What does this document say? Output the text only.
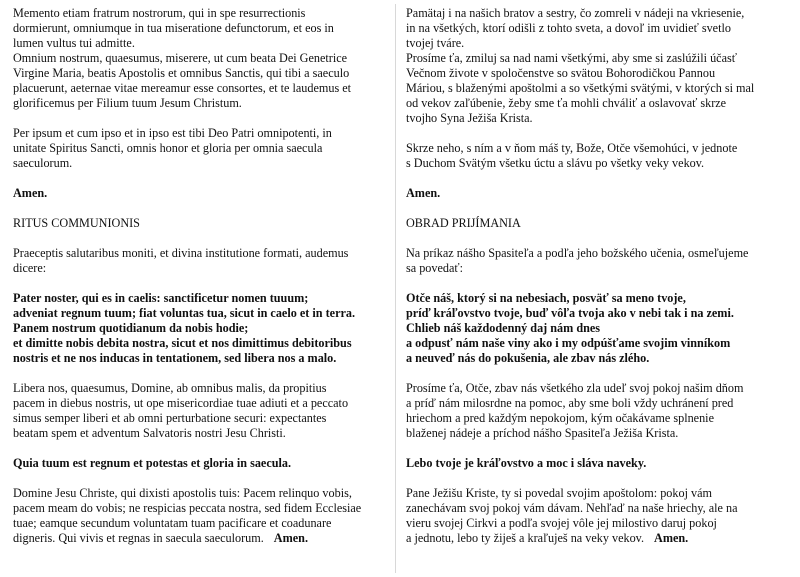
Memento etiam fratrum nostrorum, qui in spe resurrectionis
dormierunt, omniumque in tua miseratione defunctorum, et eos in
lumen vultus tui admitte.
Omnium nostrum, quaesumus, miserere, ut cum beata Dei Genetrice
Virgine Maria, beatis Apostolis et omnibus Sanctis, qui tibi a saeculo
placuerunt, aeternae vitae mereamur esse consortes, et te laudemus et
glorificemus per Filium tuum Jesum Christum.
Per ipsum et cum ipso et in ipso est tibi Deo Patri omnipotenti, in
unitate Spiritus Sancti, omnis honor et gloria per omnia saecula
saeculorum.
Amen.
RITUS COMMUNIONIS
Praeceptis salutaribus moniti, et divina institutione formati, audemus
dicere:
Pater noster, qui es in caelis: sanctificetur nomen tuuum;
adveniat regnum tuum; fiat voluntas tua, sicut in caelo et in terra.
Panem nostrum quotidianum da nobis hodie;
et dimitte nobis debita nostra, sicut et nos dimittimus debitoribus
nostris et ne nos inducas in tentationem, sed libera nos a malo.
Libera nos, quaesumus, Domine, ab omnibus malis, da propitius
pacem in diebus nostris, ut ope misericordiae tuae adiuti et a peccato
simus semper liberi et ab omni perturbatione securi: expectantes
beatam spem et adventum Salvatoris nostri Jesu Christi.
Quia tuum est regnum et potestas et gloria in saecula.
Domine Jesu Christe, qui dixisti apostolis tuis: Pacem relinquo vobis,
pacem meam do vobis; ne respicias peccata nostra, sed fidem Ecclesiae
tuae; eamque secundum voluntatam tuam pacificare et coadunare
digneris. Qui vivis et regnas in saecula saeculorum. Amen.
Pamätaj i na našich bratov a sestry, čo zomreli v nádeji na vkriesenie,
in na všetkých, ktorí odišli z tohto sveta, a dovoľ im uvidieť svetlo
tvojej tváre.
Prosíme ťa, zmiluj sa nad nami všetkými, aby sme si zaslúžili účasť
Večnom živote v spoločenstve so svätou Bohorodičkou Pannou
Máriou, s blaženými apoštolmi a so všetkými svätými, v ktorých si mal
od vekov zaľúbenie, žeby sme ťa mohli chváliť a oslavovať skrze
tvojho Syna Ježiša Krista.
Skrze neho, s ním a v ňom máš ty, Bože, Otče všemohúci, v jednote
s Duchom Svätým všetku úctu a slávu po všetky veky vekov.
Amen.
OBRAD PRIJÍMANIA
Na príkaz nášho Spasiteľa a podľa jeho božského učenia, osmeľujeme
sa povedať:
Otče náš, ktorý si na nebesiach, posväť sa meno tvoje,
príď kráľovstvo tvoje, buď vôľa tvoja ako v nebi tak i na zemi.
Chlieb náš každodenný daj nám dnes
a odpusť nám naše viny ako i my odpúšťame svojim vinníkom
a neuveď nás do pokušenia, ale zbav nás zlého.
Prosíme ťa, Otče, zbav nás všetkého zla udeľ svoj pokoj našim dňom
a príď nám milosrdne na pomoc, aby sme boli vždy uchránení pred
hriechom a pred každým nepokojom, kým očakávame splnenie
blaženej nádeje a príchod nášho Spasiteľa Ježiša Krista.
Lebo tvoje je kráľovstvo a moc i sláva naveky.
Pane Ježišu Kriste, ty si povedal svojim apoštolom: pokoj vám
zanechávam svoj pokoj vám dávam. Nehľaď na naše hriechy, ale na
vieru svojej Cirkvi a podľa svojej vôle jej milostivo daruj pokoj
a jednotu, lebo ty žiješ a kraľuješ na veky vekov. Amen.
